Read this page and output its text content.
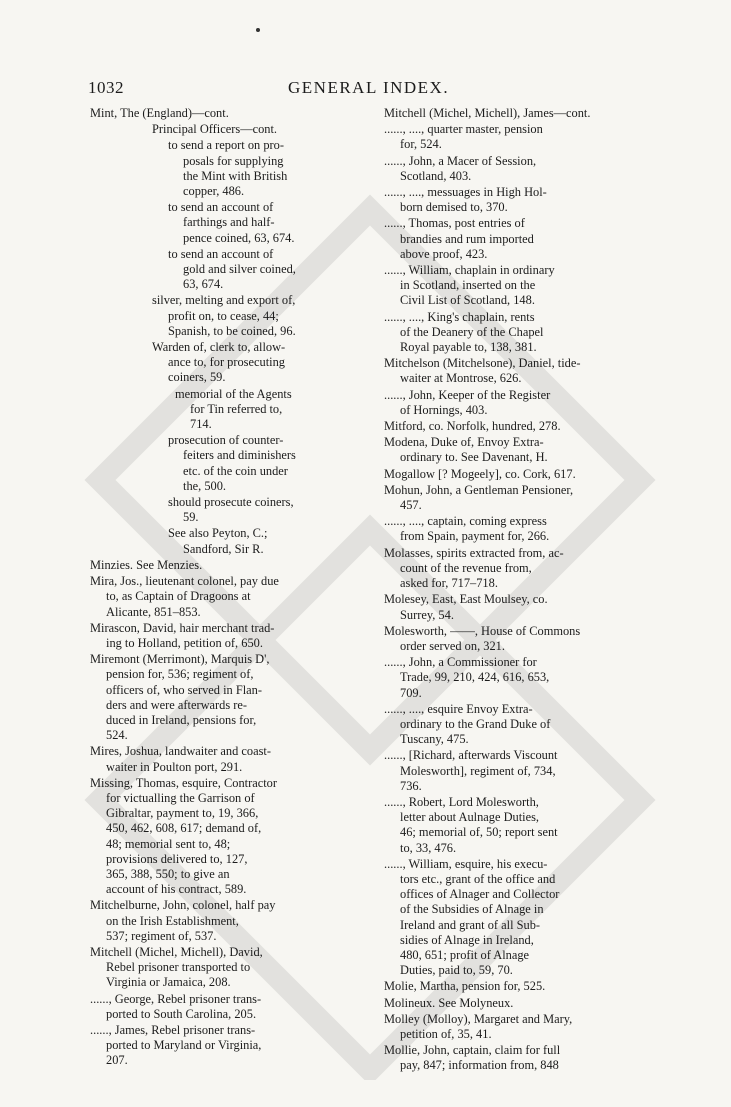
1032	GENERAL INDEX.
Mint, The (England)—cont.
Principal Officers—cont.
to send a report on pro-
posals for supplying
the Mint with British
copper, 486.
to send an account of
farthings and half-
pence coined, 63, 674.
to send an account of
gold and silver coined,
63, 674.
silver, melting and export of,
profit on, to cease, 44;
Spanish, to be coined, 96.
Warden of, clerk to, allow-
ance to, for prosecuting
coiners, 59.
memorial of the Agents
for Tin referred to,
714.
prosecution of counter-
feiters and diminishers
etc. of the coin under
the, 500.
should prosecute coiners,
59.
See also Peyton, C.;
Sandford, Sir R.
Minzies. See Menzies.
Mira, Jos., lieutenant colonel, pay due
to, as Captain of Dragoons at
Alicante, 851–853.
Mirascon, David, hair merchant trad-
ing to Holland, petition of, 650.
Miremont (Merrimont), Marquis D',
pension for, 536; regiment of,
officers of, who served in Flan-
ders and were afterwards re-
duced in Ireland, pensions for,
524.
Mires, Joshua, landwaiter and coast-
waiter in Poulton port, 291.
Missing, Thomas, esquire, Contractor
for victualling the Garrison of
Gibraltar, payment to, 19, 366,
450, 462, 608, 617; demand of,
48; memorial sent to, 48;
provisions delivered to, 127,
365, 388, 550; to give an
account of his contract, 589.
Mitchelburne, John, colonel, half pay
on the Irish Establishment,
537; regiment of, 537.
Mitchell (Michel, Michell), David,
Rebel prisoner transported to
Virginia or Jamaica, 208.
......, George, Rebel prisoner trans-
ported to South Carolina, 205.
......, James, Rebel prisoner trans-
ported to Maryland or Virginia,
207.
Mitchell (Michel, Michell), James—cont.
......, ...., quarter master, pension
for, 524.
......, John, a Macer of Session,
Scotland, 403.
......, ...., messuages in High Hol-
born demised to, 370.
......, Thomas, post entries of
brandies and rum imported
above proof, 423.
......, William, chaplain in ordinary
in Scotland, inserted on the
Civil List of Scotland, 148.
......, ...., King's chaplain, rents
of the Deanery of the Chapel
Royal payable to, 138, 381.
Mitchelson (Mitchelsone), Daniel, tide-
waiter at Montrose, 626.
......, John, Keeper of the Register
of Hornings, 403.
Mitford, co. Norfolk, hundred, 278.
Modena, Duke of, Envoy Extra-
ordinary to. See Davenant, H.
Mogallow [? Mogeely], co. Cork, 617.
Mohun, John, a Gentleman Pensioner,
457.
......, ...., captain, coming express
from Spain, payment for, 266.
Molasses, spirits extracted from, ac-
count of the revenue from,
asked for, 717–718.
Molesey, East, East Moulsey, co.
Surrey, 54.
Molesworth, ——, House of Commons
order served on, 321.
......, John, a Commissioner for
Trade, 99, 210, 424, 616, 653,
709.
......, ...., esquire Envoy Extra-
ordinary to the Grand Duke of
Tuscany, 475.
......, [Richard, afterwards Viscount
Molesworth], regiment of, 734,
736.
......, Robert, Lord Molesworth,
letter about Aulnage Duties,
46; memorial of, 50; report sent
to, 33, 476.
......, William, esquire, his execu-
tors etc., grant of the office and
offices of Alnager and Collector
of the Subsidies of Alnage in
Ireland and grant of all Sub-
sidies of Alnage in Ireland,
480, 651; profit of Alnage
Duties, paid to, 59, 70.
Molie, Martha, pension for, 525.
Molineux. See Molyneux.
Molley (Molloy), Margaret and Mary,
petition of, 35, 41.
Mollie, John, captain, claim for full
pay, 847; information from, 848
